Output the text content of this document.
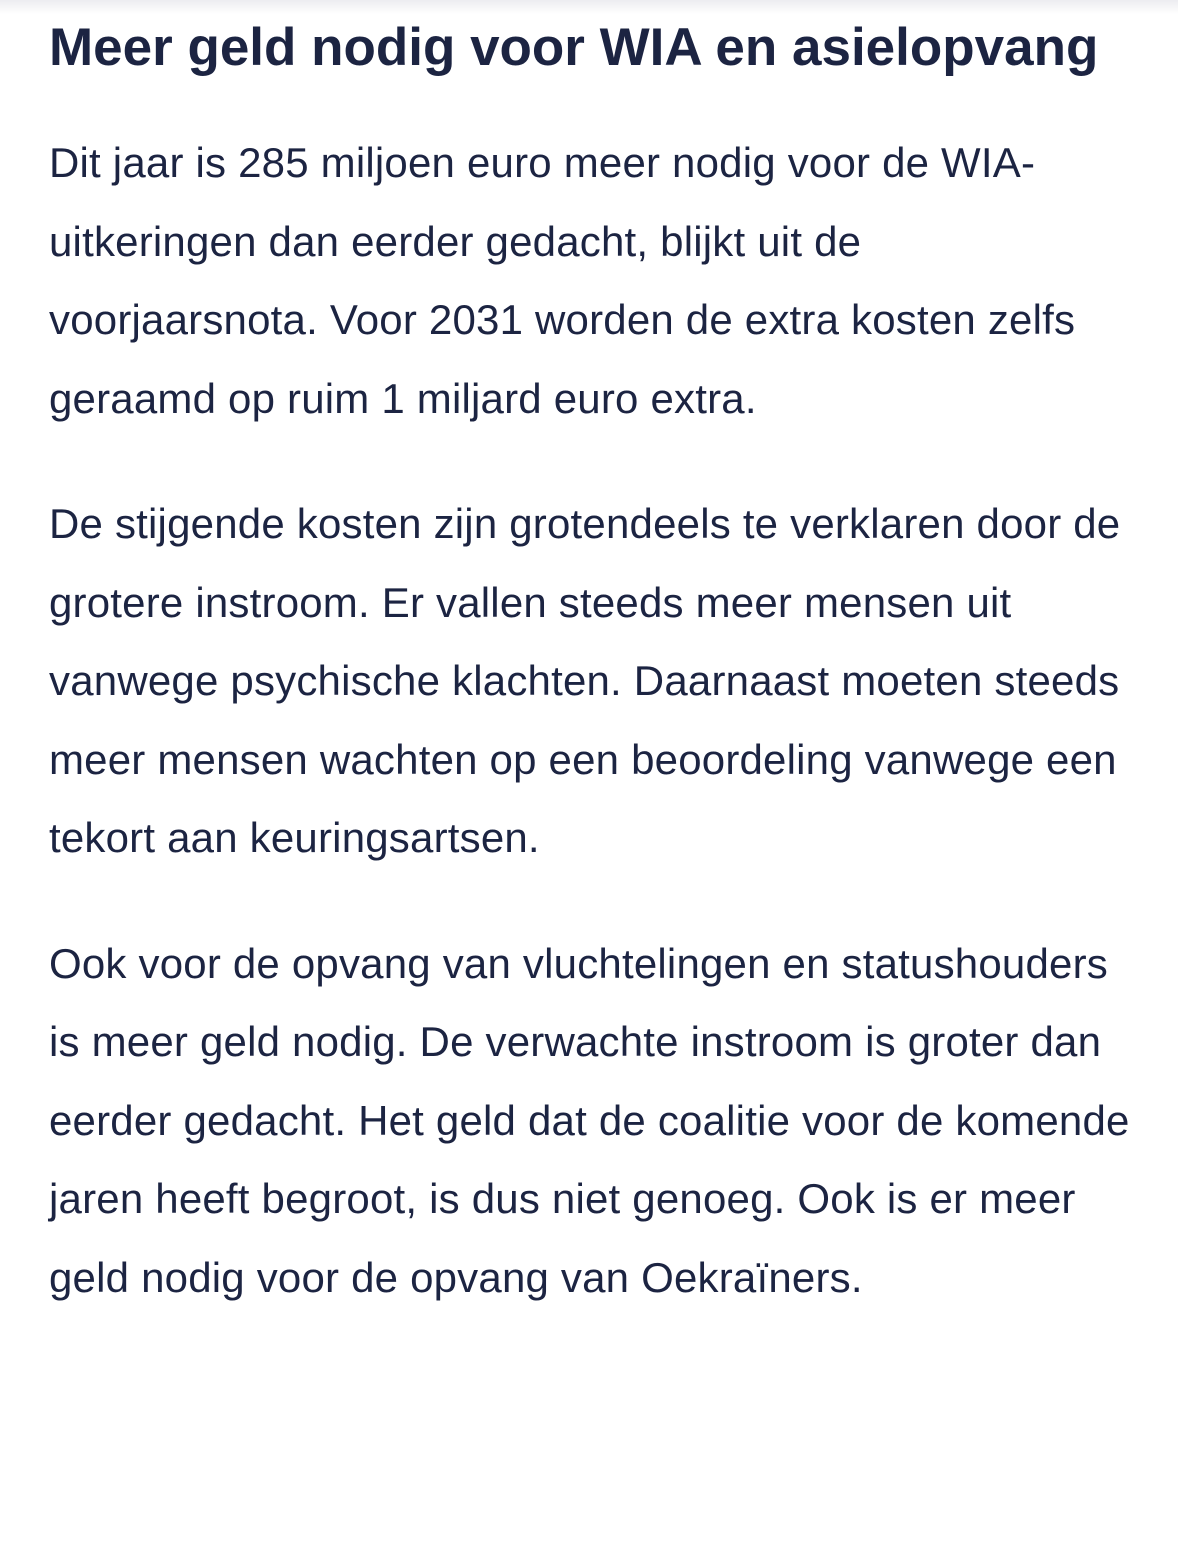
Meer geld nodig voor WIA en asielopvang

Dit jaar is 285 miljoen euro meer nodig voor de WIA-uitkeringen dan eerder gedacht, blijkt uit de voorjaarsnota. Voor 2031 worden de extra kosten zelfs geraamd op ruim 1 miljard euro extra.

De stijgende kosten zijn grotendeels te verklaren door de grotere instroom. Er vallen steeds meer mensen uit vanwege psychische klachten. Daarnaast moeten steeds meer mensen wachten op een beoordeling vanwege een tekort aan keuringsartsen.

Ook voor de opvang van vluchtelingen en statushouders is meer geld nodig. De verwachte instroom is groter dan eerder gedacht. Het geld dat de coalitie voor de komende jaren heeft begroot, is dus niet genoeg. Ook is er meer geld nodig voor de opvang van Oekraïners.
